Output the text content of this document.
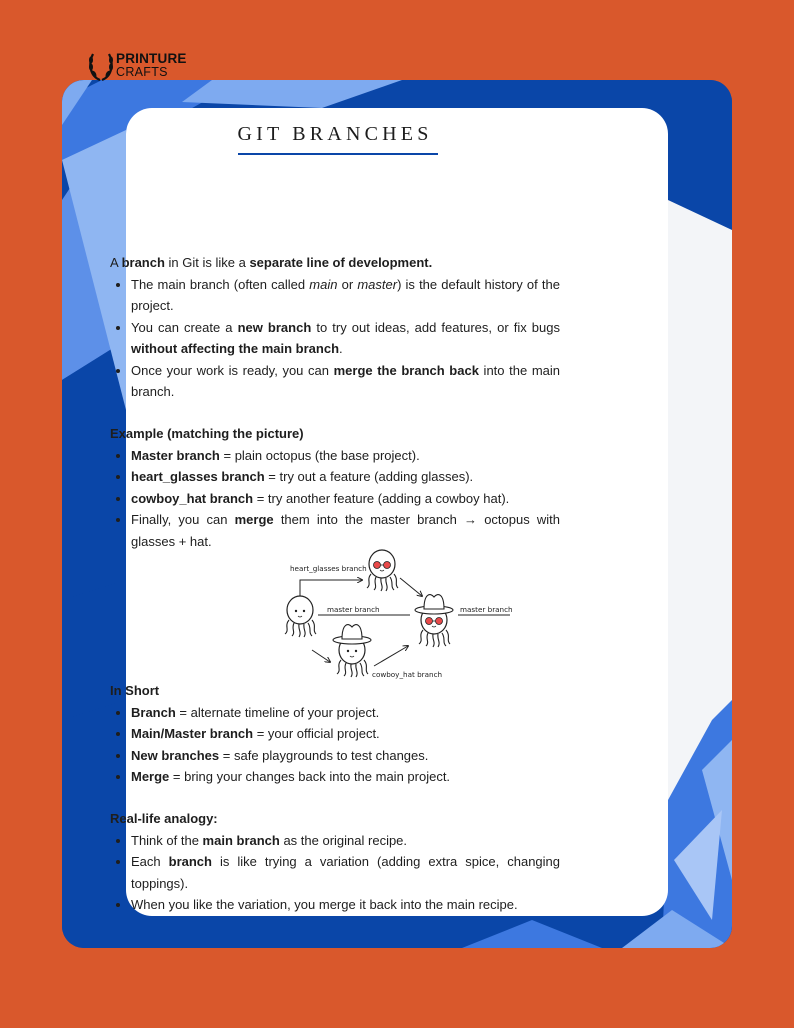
PRINTURE
CRAFTS
GIT BRANCHES

A branch in Git is like a separate line of development.

• The main branch (often called main or master) is the default history of the project.
• You can create a new branch to try out ideas, add features, or fix bugs without affecting the main branch.
• Once your work is ready, you can merge the branch back into the main branch.

Example (matching the picture)

• Master branch = plain octopus (the base project).
• heart_glasses branch = try out a feature (adding glasses).
• cowboy_hat branch = try another feature (adding a cowboy hat).
• Finally, you can merge them into the master branch → octopus with glasses + hat.
heart_glasses branch
master branch	master branch
cowboy_hat branch

In Short

• Branch = alternate timeline of your project.
• Main/Master branch = your official project.
• New branches = safe playgrounds to test changes.
• Merge = bring your changes back into the main project.

Real-life analogy:

• Think of the main branch as the original recipe.
• Each branch is like trying a variation (adding extra spice, changing toppings).
• When you like the variation, you merge it back into the main recipe.
